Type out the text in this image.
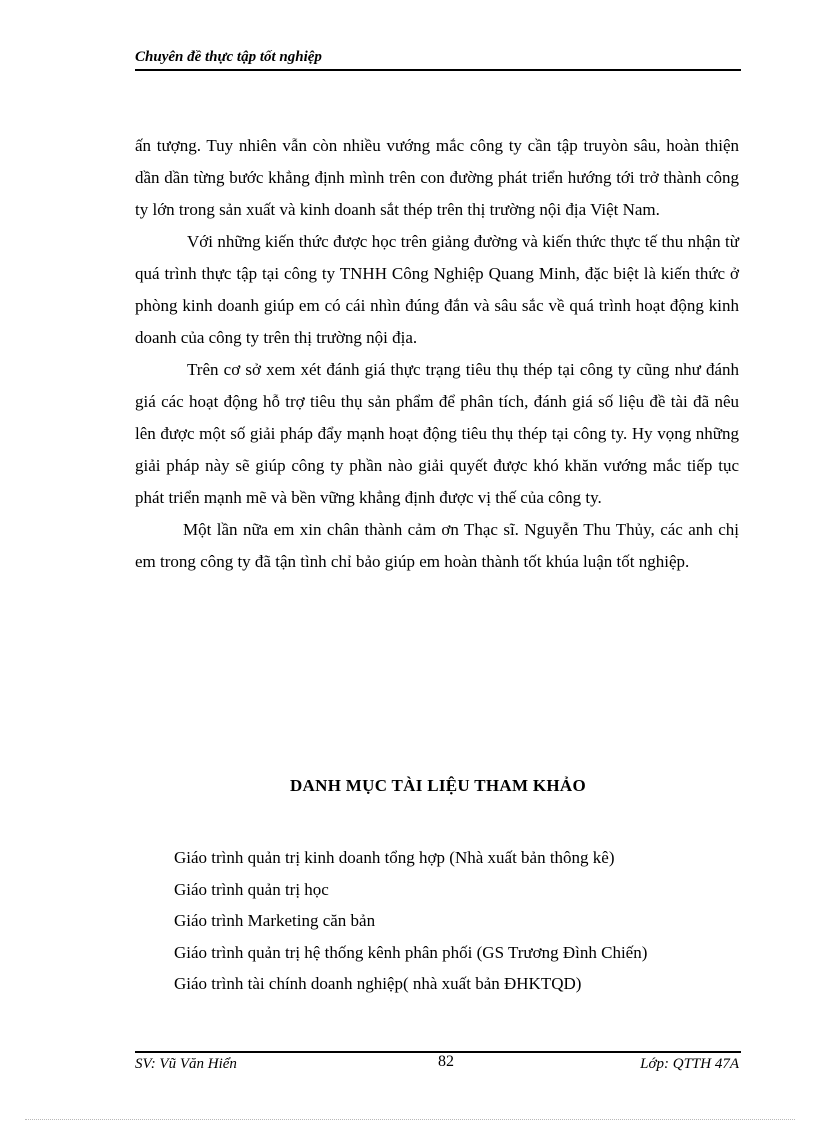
Chuyên đề thực tập tốt nghiệp

ấn tượng. Tuy nhiên vẫn còn nhiều vướng mắc công ty cần tập truyòn sâu, hoàn thiện dần dần từng bước khẳng định mình trên con đường phát triển hướng tới trở thành công ty lớn trong sản xuất và kinh doanh sắt thép trên thị trường nội địa Việt Nam.

Với những kiến thức được học trên giảng đường và kiến thức thực tế thu nhận từ quá trình thực tập tại công ty TNHH Công Nghiệp Quang Minh, đặc biệt là kiến thức ở phòng kinh doanh giúp em có cái nhìn đúng đắn và sâu sắc về quá trình hoạt động kinh doanh của công ty trên thị trường nội địa.

Trên cơ sở xem xét đánh giá thực trạng tiêu thụ thép tại công ty cũng như đánh giá các hoạt động hỗ trợ tiêu thụ sản phẩm để phân tích, đánh giá số liệu đề tài đã nêu lên được một số giải pháp đẩy mạnh hoạt động tiêu thụ thép tại công ty. Hy vọng những giải pháp này sẽ giúp công ty phần nào giải quyết được khó khăn vướng mắc tiếp tục phát triển mạnh mẽ và bền vững khẳng định được vị thế của công ty.

Một lần nữa em xin chân thành cảm ơn Thạc sĩ. Nguyễn Thu Thủy, các anh chị em trong công ty đã tận tình chỉ bảo giúp em hoàn thành tốt khúa luận tốt nghiệp.

DANH MỤC TÀI LIỆU THAM KHẢO
Giáo trình quản trị kinh doanh tổng hợp (Nhà xuất bản thông kê)
Giáo trình quản trị học
Giáo trình Marketing căn bản
Giáo trình quản trị hệ thống kênh phân phối (GS Trương Đình Chiến)
Giáo trình tài chính doanh nghiệp( nhà xuất bản ĐHKTQD)
SV: Vũ Văn Hiển	82	Lớp: QTTH 47A
